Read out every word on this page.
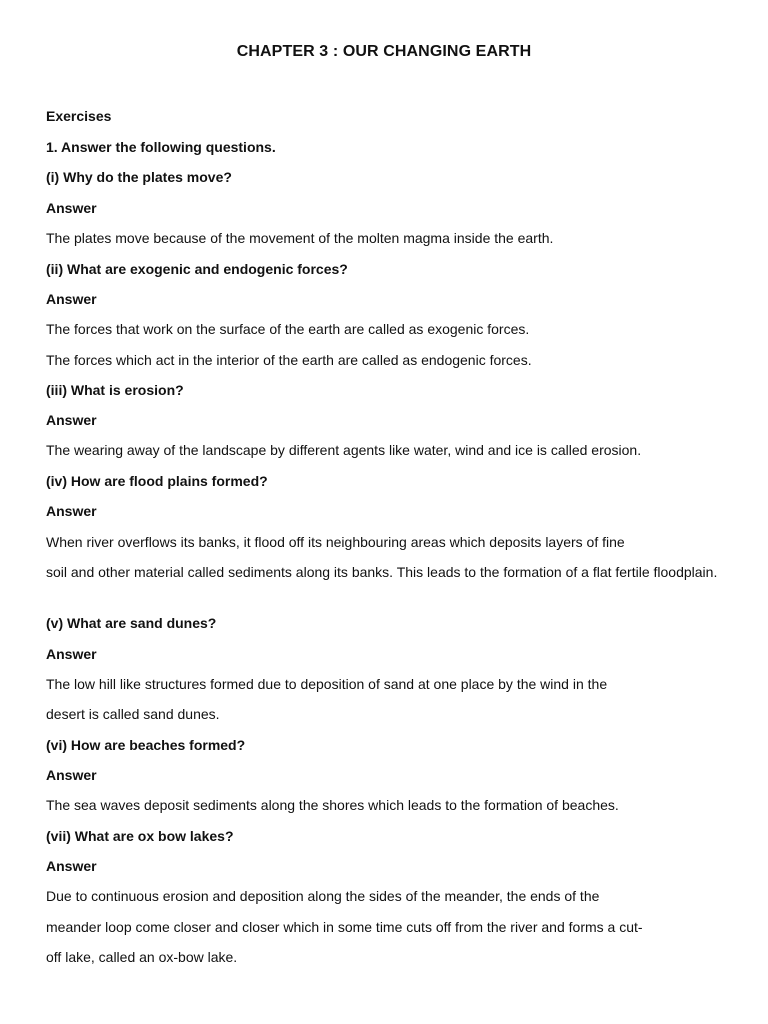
CHAPTER 3 : OUR CHANGING EARTH
Exercises
1. Answer the following questions.
(i) Why do the plates move?
Answer
The plates move because of the movement of the molten magma inside the earth.
(ii) What are exogenic and endogenic forces?
Answer
The forces that work on the surface of the earth are called as exogenic forces.
The forces which act in the interior of the earth are called as endogenic forces.
(iii) What is erosion?
Answer
The wearing away of the landscape by different agents like water, wind and ice is called erosion.
(iv) How are flood plains formed?
Answer
When river overflows its banks, it flood off its neighbouring areas which deposits layers of fine
soil and other material called sediments along its banks. This leads to the formation of a flat fertile floodplain.
(v) What are sand dunes?
Answer
The low hill like structures formed due to deposition of sand at one place by the wind in the
desert is called sand dunes.
(vi) How are beaches formed?
Answer
The sea waves deposit sediments along the shores which leads to the formation of beaches.
(vii) What are ox bow lakes?
Answer
Due to continuous erosion and deposition along the sides of the meander, the ends of the
meander loop come closer and closer which in some time cuts off from the river and forms a cut-
off lake, called an ox-bow lake.
